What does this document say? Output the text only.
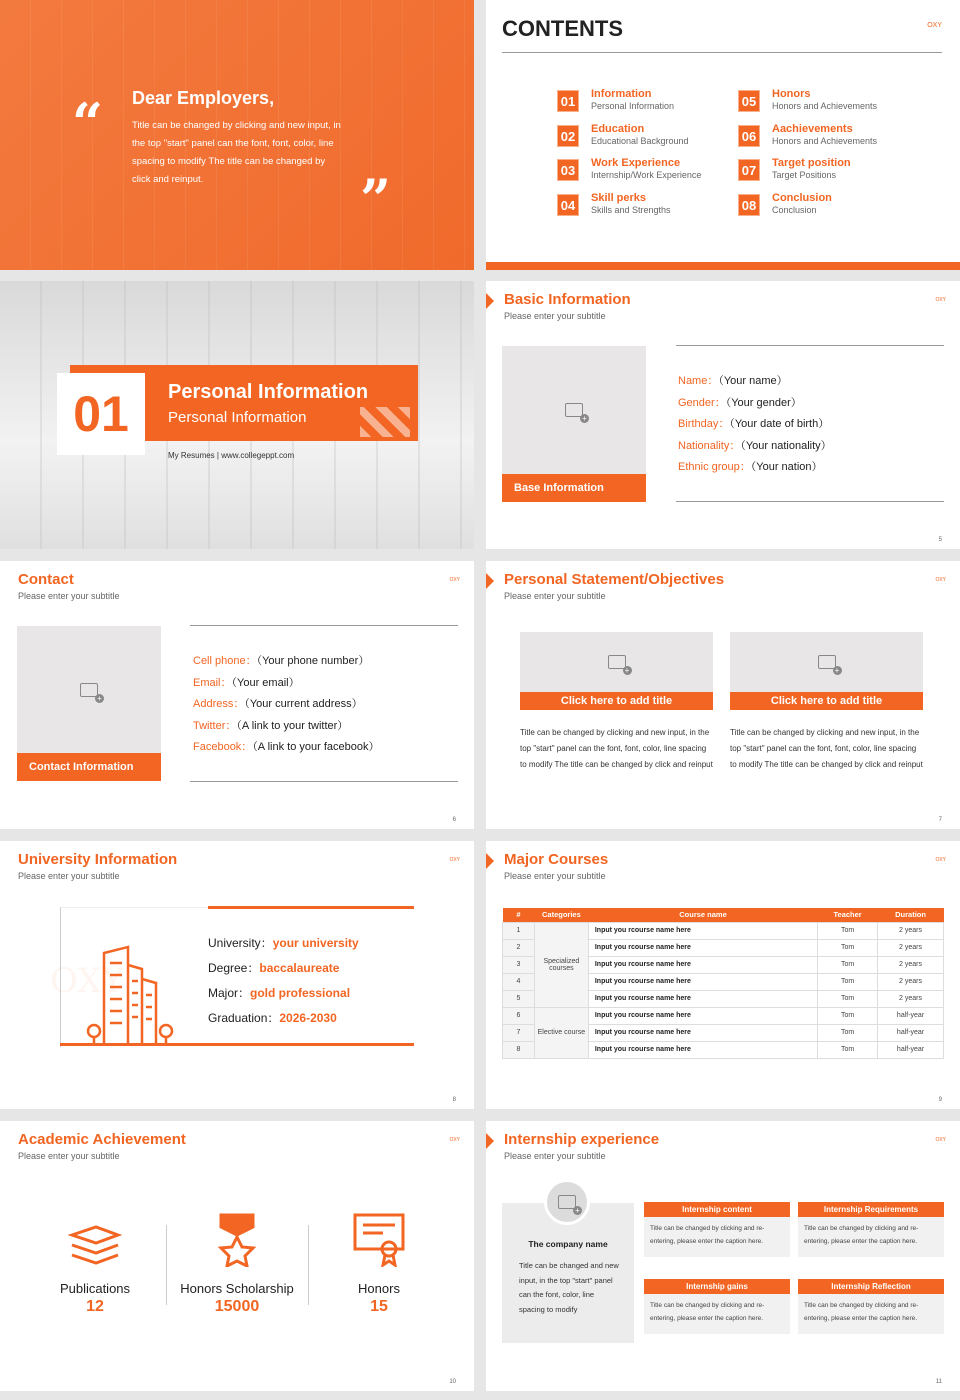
“
”
Dear Employers,
Title can be changed by clicking and new input, in the top "start" panel can the font, font, color, line spacing to modify The title can be changed by click and reinput.
CONTENTS	OXY
01	Information
Personal Information
02	Education
Educational Background
03	Work Experience
Internship/Work Experience
04	Skill perks
Skills and Strengths
05	Honors
Honors and Achievements
06	Aachievements
Honors and Achievements
07	Target position
Target Positions
08	Conclusion
Conclusion
01	Personal Information
Personal Information
My Resumes | www.collegeppt.com
Basic Information
Please enter your subtitle
OXY
+
Base Information
Name：（Your name）
Gender：（Your gender）
Birthday：（Your date of birth）
Nationality：（Your nationality）
Ethnic group：（Your nation）
5
Contact
Please enter your subtitle
OXY
+
Contact Information
Cell phone：（Your phone number）
Email：（Your email）
Address：（Your current address）
Twitter：（A link to your twitter）
Facebook：（A link to your facebook）
6
Personal Statement/Objectives
Please enter your subtitle
OXY
+
Click here to add title
Title can be changed by clicking and new input, in the top "start" panel can the font, font, color, line spacing to modify The title can be changed by click and reinput
+
Click here to add title
Title can be changed by clicking and new input, in the top "start" panel can the font, font, color, line spacing to modify The title can be changed by click and reinput
7
University Information
Please enter your subtitle
OXY
OXY
University：your university
Degree：baccalaureate
Major：gold professional
Graduation：2026-2030
8
Major Courses
Please enter your subtitle
OXY
#	Categories	Course name	Teacher	Duration
1	Specialized courses	Input you rcourse name here	Tom	2 years
2		Input you rcourse name here	Tom	2 years
3		Input you rcourse name here	Tom	2 years
4		Input you rcourse name here	Tom	2 years
5		Input you rcourse name here	Tom	2 years
6	Elective course	Input you rcourse name here	Tom	half-year
7		Input you rcourse name here	Tom	half-year
8		Input you rcourse name here	Tom	half-year
9
Academic Achievement
Please enter your subtitle
OXY
Publications
12
Honors Scholarship
15000
Honors
15
10
Internship experience
Please enter your subtitle
OXY
+
The company name
Title can be changed and new input, in the top "start" panel can the font, color, line spacing to modify
Internship content
Title can be changed by clicking and re-entering, please enter the caption here.
Internship Requirements
Title can be changed by clicking and re-entering, please enter the caption here.
Internship gains
Title can be changed by clicking and re-entering, please enter the caption here.
Internship Reflection
Title can be changed by clicking and re-entering, please enter the caption here.
11
